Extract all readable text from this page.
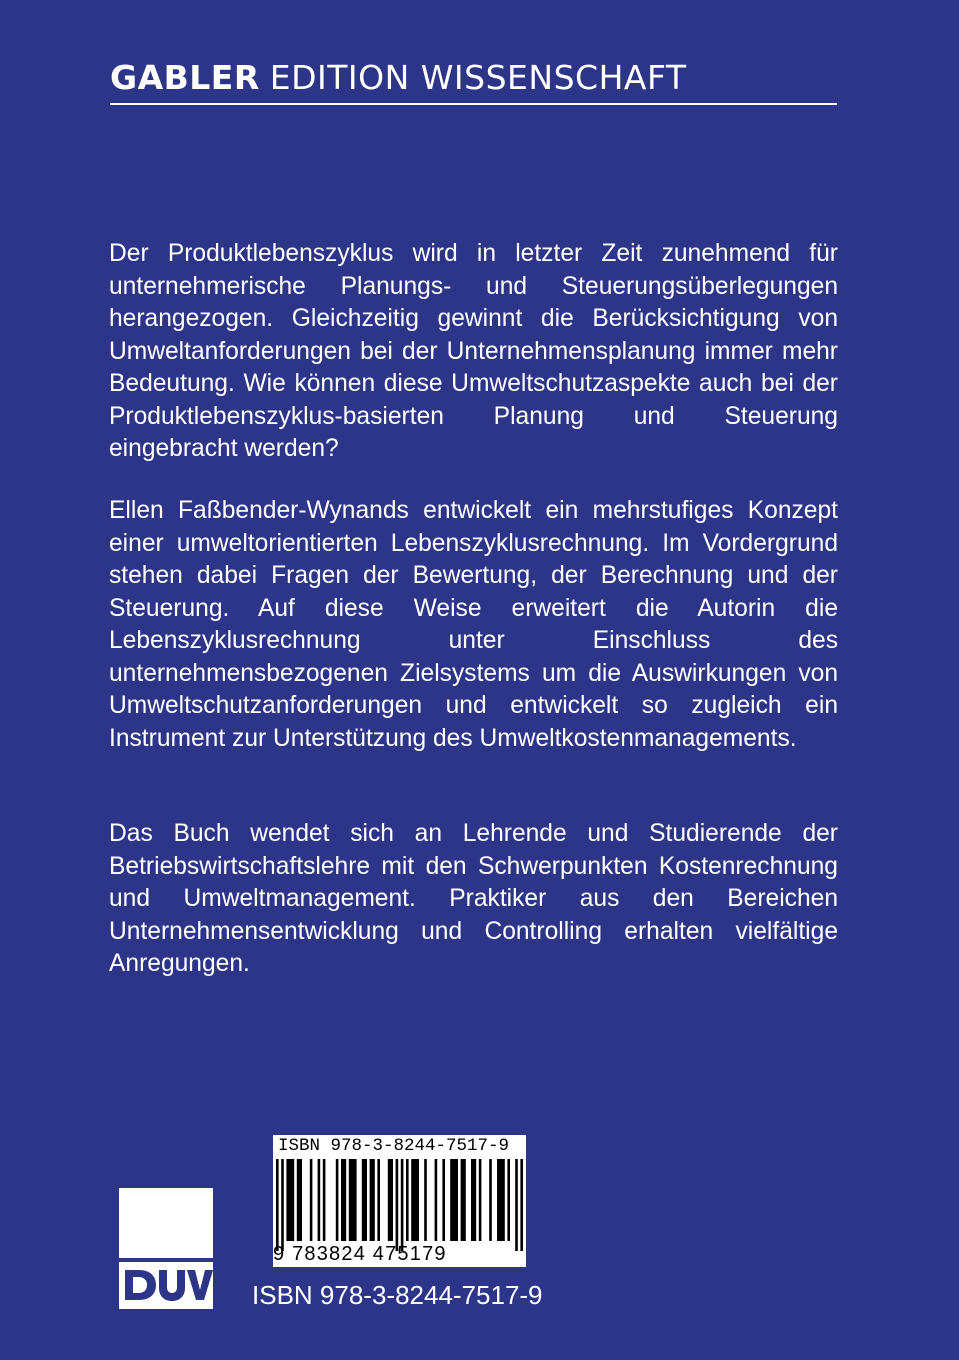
GABLER EDITION WISSENSCHAFT

Der Produktlebenszyklus wird in letzter Zeit zunehmend für unternehmerische Planungs- und Steuerungsüberlegungen herangezogen. Gleichzeitig gewinnt die Berücksichtigung von Umweltanforderungen bei der Unternehmensplanung immer mehr Bedeutung. Wie können diese Umweltschutzaspekte auch bei der Produktlebenszyklus-basierten Planung und Steuerung eingebracht werden?

Ellen Faßbender-Wynands entwickelt ein mehrstufiges Konzept einer umweltorientierten Lebenszyklusrechnung. Im Vordergrund stehen dabei Fragen der Bewertung, der Berechnung und der Steuerung. Auf diese Weise erweitert die Autorin die Lebenszyklusrechnung unter Einschluss des unternehmensbezogenen Zielsystems um die Auswirkungen von Umweltschutzanforderungen und entwickelt so zugleich ein Instrument zur Unterstützung des Umweltkostenmanagements.

Das Buch wendet sich an Lehrende und Studierende der Betriebswirtschaftslehre mit den Schwerpunkten Kostenrechnung und Umweltmanagement. Praktiker aus den Bereichen Unternehmensentwicklung und Controlling erhalten vielfältige Anregungen.

ISBN 978-3-8244-7517-9
9 783824 475179
ISBN 978-3-8244-7517-9
